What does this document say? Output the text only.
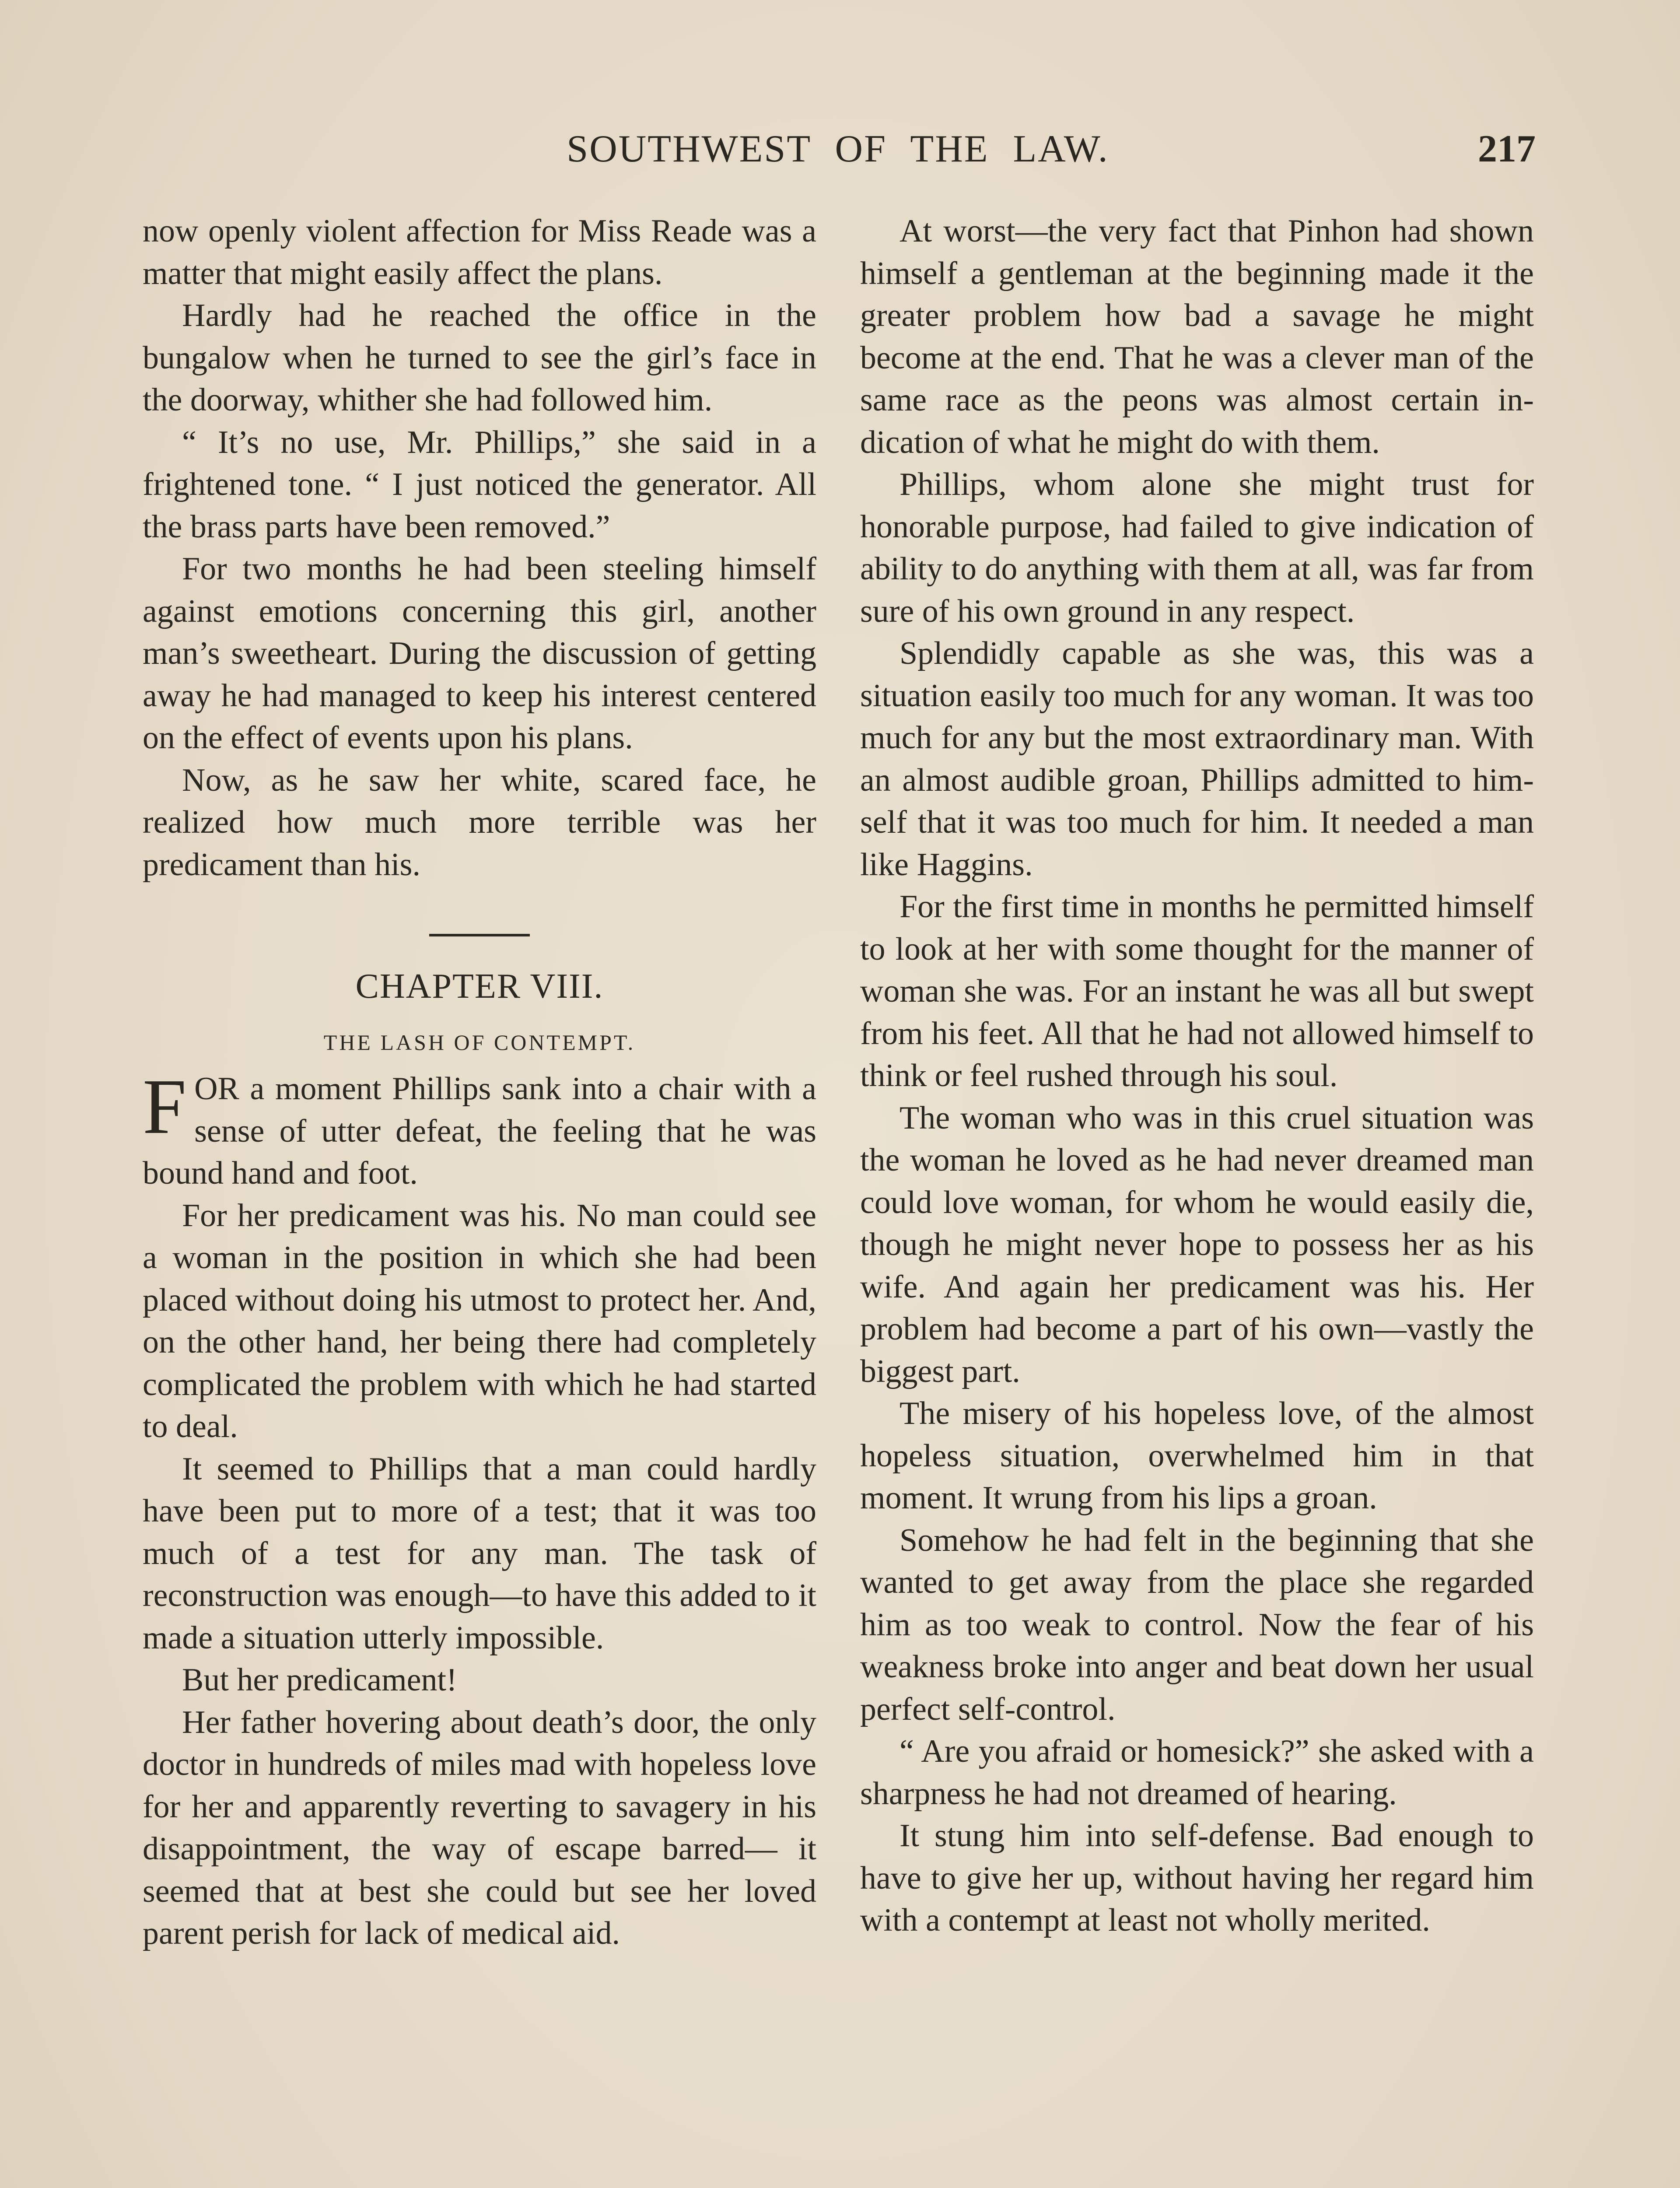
SOUTHWEST OF THE LAW.	217

now openly violent affection for Miss Reade was a matter that might easily affect the plans.

Hardly had he reached the office in the bungalow when he turned to see the girl’s face in the doorway, whither she had followed him.

“ It’s no use, Mr. Phillips,” she said in a frightened tone. “ I just noticed the generator. All the brass parts have been removed.”

For two months he had been steeling himself against emotions concerning this girl, another man’s sweetheart. During the discussion of getting away he had managed to keep his interest centered on the effect of events upon his plans.

Now, as he saw her white, scared face, he realized how much more terrible was her predicament than his.

CHAPTER VIII.
THE LASH OF CONTEMPT.

FOR a moment Phillips sank into a chair with a sense of utter defeat, the feeling that he was bound hand and foot.

For her predicament was his. No man could see a woman in the position in which she had been placed without doing his utmost to protect her. And, on the other hand, her being there had completely complicated the problem with which he had started to deal.

It seemed to Phillips that a man could hardly have been put to more of a test; that it was too much of a test for any man. The task of reconstruction was enough—to have this added to it made a situation utterly impossible.

But her predicament!

Her father hovering about death’s door, the only doctor in hundreds of miles mad with hopeless love for her and apparently reverting to savagery in his disappointment, the way of escape barred— it seemed that at best she could but see her loved parent perish for lack of medical aid.

At worst—the very fact that Pinhon had shown himself a gentleman at the beginning made it the greater problem how bad a savage he might become at the end. That he was a clever man of the same race as the peons was almost certain indication of what he might do with them.

Phillips, whom alone she might trust for honorable purpose, had failed to give indication of ability to do anything with them at all, was far from sure of his own ground in any respect.

Splendidly capable as she was, this was a situation easily too much for any woman. It was too much for any but the most extraordinary man. With an almost audible groan, Phillips admitted to himself that it was too much for him. It needed a man like Haggins.

For the first time in months he permitted himself to look at her with some thought for the manner of woman she was. For an instant he was all but swept from his feet. All that he had not allowed himself to think or feel rushed through his soul.

The woman who was in this cruel situation was the woman he loved as he had never dreamed man could love woman, for whom he would easily die, though he might never hope to possess her as his wife. And again her predicament was his. Her problem had become a part of his own—vastly the biggest part.

The misery of his hopeless love, of the almost hopeless situation, overwhelmed him in that moment. It wrung from his lips a groan.

Somehow he had felt in the beginning that she wanted to get away from the place she regarded him as too weak to control. Now the fear of his weakness broke into anger and beat down her usual perfect self-control.

“ Are you afraid or homesick?” she asked with a sharpness he had not dreamed of hearing.

It stung him into self-defense. Bad enough to have to give her up, without having her regard him with a contempt at least not wholly merited.
